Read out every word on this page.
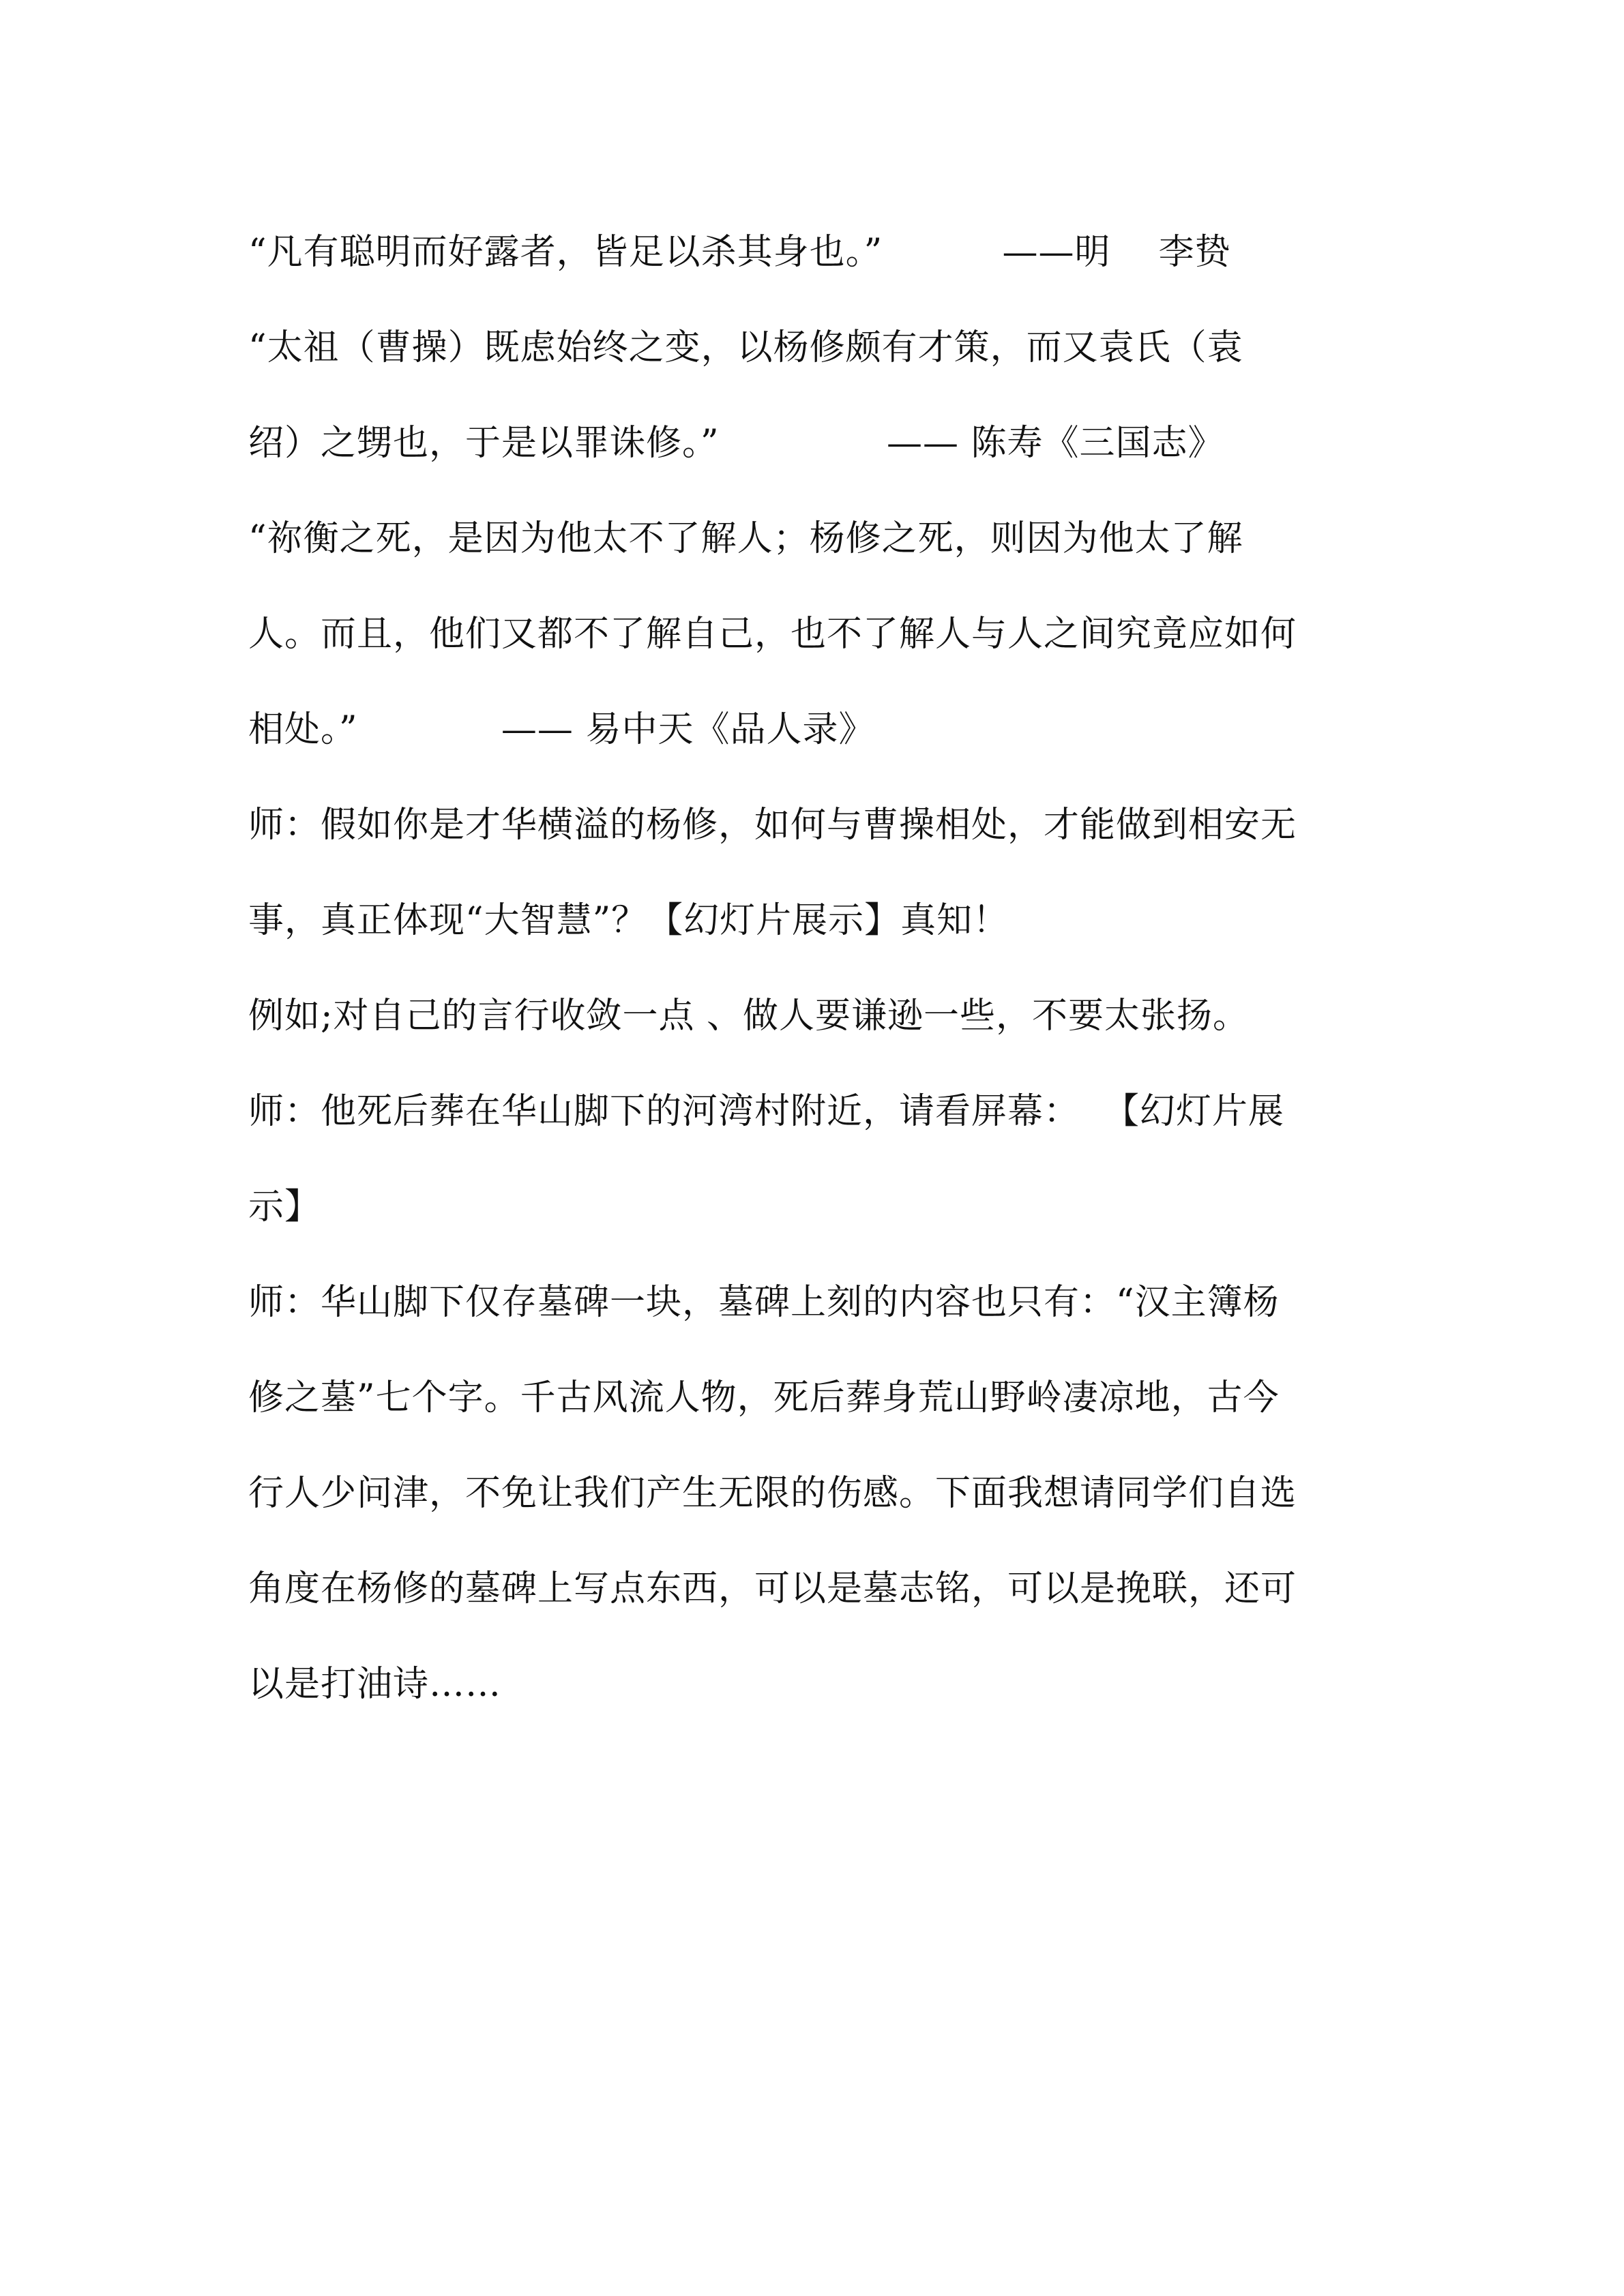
“凡有聪明而好露者，皆足以杀其身也。”          ——明    李贽
“太祖（曹操）既虑始终之变，以杨修颇有才策，而又袁氏（袁
绍）之甥也，于是以罪诛修。”              —— 陈寿《三国志》
“祢衡之死，是因为他太不了解人；杨修之死，则因为他太了解
人。而且，他们又都不了解自己，也不了解人与人之间究竟应如何
相处。”            —— 易中天《品人录》
师：假如你是才华横溢的杨修，如何与曹操相处，才能做到相安无
事，真正体现“大智慧”？【幻灯片展示】真知！
例如;对自己的言行收敛一点 、做人要谦逊一些，不要太张扬。
师：他死后葬在华山脚下的河湾村附近，请看屏幕：  【幻灯片展
示】
师：华山脚下仅存墓碑一块，墓碑上刻的内容也只有：“汉主簿杨
修之墓”七个字。千古风流人物，死后葬身荒山野岭凄凉地，古今
行人少问津，不免让我们产生无限的伤感。下面我想请同学们自选
角度在杨修的墓碑上写点东西，可以是墓志铭，可以是挽联，还可
以是打油诗……
